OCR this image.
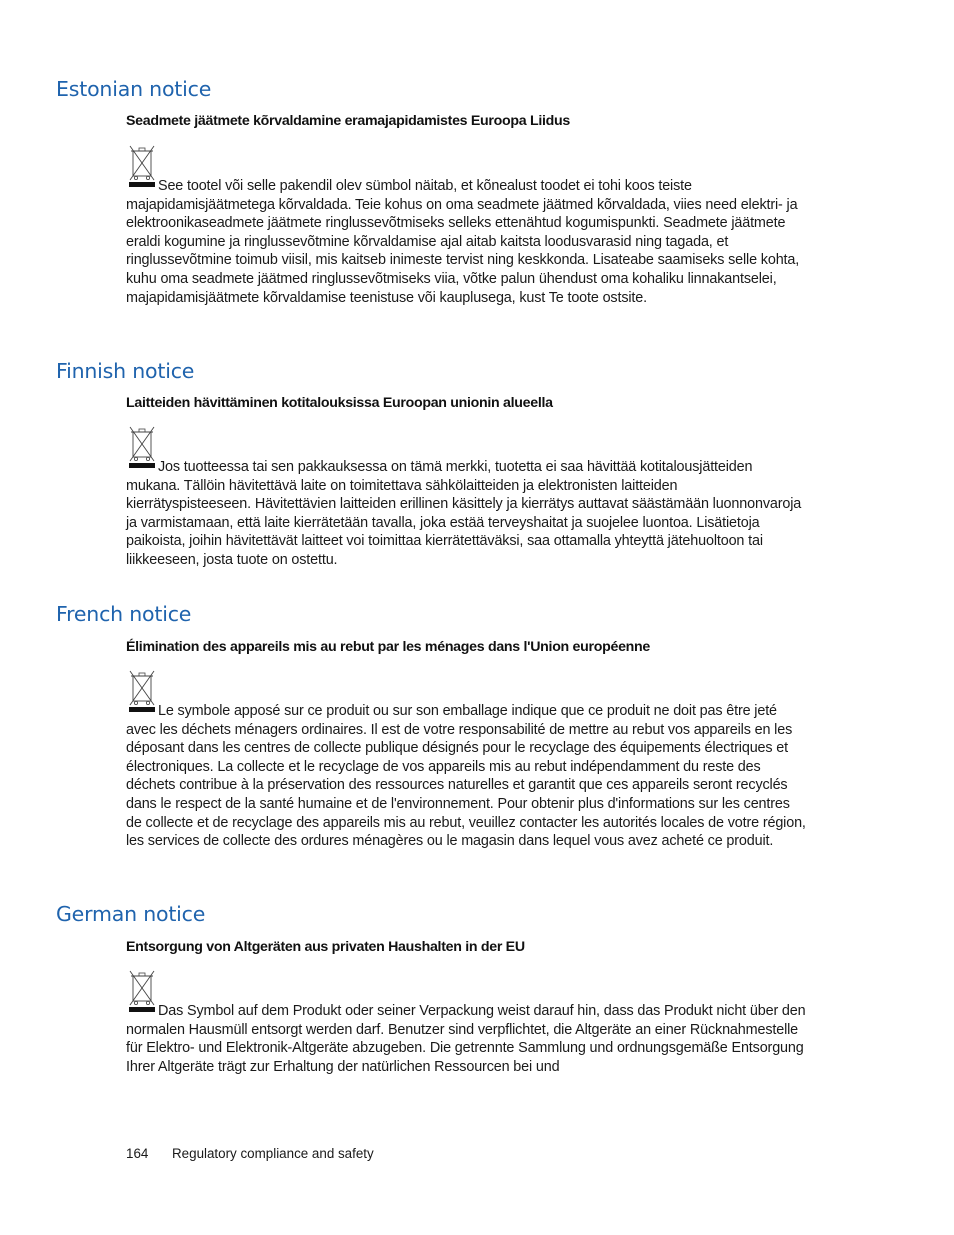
Estonian notice

Seadmete jäätmete kõrvaldamine eramajapidamistes Euroopa Liidus

See tootel või selle pakendil olev sümbol näitab, et kõnealust toodet ei tohi koos teiste majapidamisjäätmetega kõrvaldada. Teie kohus on oma seadmete jäätmed kõrvaldada, viies need elektri- ja elektroonikaseadmete jäätmete ringlussevõtmiseks selleks ettenähtud kogumispunkti. Seadmete jäätmete eraldi kogumine ja ringlussevõtmine kõrvaldamise ajal aitab kaitsta loodusvarasid ning tagada, et ringlussevõtmine toimub viisil, mis kaitseb inimeste tervist ning keskkonda. Lisateabe saamiseks selle kohta, kuhu oma seadmete jäätmed ringlussevõtmiseks viia, võtke palun ühendust oma kohaliku linnakantselei, majapidamisjäätmete kõrvaldamise teenistuse või kauplusega, kust Te toote ostsite.

Finnish notice

Laitteiden hävittäminen kotitalouksissa Euroopan unionin alueella

Jos tuotteessa tai sen pakkauksessa on tämä merkki, tuotetta ei saa hävittää kotitalousjätteiden mukana. Tällöin hävitettävä laite on toimitettava sähkölaitteiden ja elektronisten laitteiden kierrätyspisteeseen. Hävitettävien laitteiden erillinen käsittely ja kierrätys auttavat säästämään luonnonvaroja ja varmistamaan, että laite kierrätetään tavalla, joka estää terveyshaitat ja suojelee luontoa. Lisätietoja paikoista, joihin hävitettävät laitteet voi toimittaa kierrätettäväksi, saa ottamalla yhteyttä jätehuoltoon tai liikkeeseen, josta tuote on ostettu.

French notice

Élimination des appareils mis au rebut par les ménages dans l'Union européenne

Le symbole apposé sur ce produit ou sur son emballage indique que ce produit ne doit pas être jeté avec les déchets ménagers ordinaires. Il est de votre responsabilité de mettre au rebut vos appareils en les déposant dans les centres de collecte publique désignés pour le recyclage des équipements électriques et électroniques. La collecte et le recyclage de vos appareils mis au rebut indépendamment du reste des déchets contribue à la préservation des ressources naturelles et garantit que ces appareils seront recyclés dans le respect de la santé humaine et de l'environnement. Pour obtenir plus d'informations sur les centres de collecte et de recyclage des appareils mis au rebut, veuillez contacter les autorités locales de votre région, les services de collecte des ordures ménagères ou le magasin dans lequel vous avez acheté ce produit.

German notice

Entsorgung von Altgeräten aus privaten Haushalten in der EU

Das Symbol auf dem Produkt oder seiner Verpackung weist darauf hin, dass das Produkt nicht über den normalen Hausmüll entsorgt werden darf. Benutzer sind verpflichtet, die Altgeräte an einer Rücknahmestelle für Elektro- und Elektronik-Altgeräte abzugeben. Die getrennte Sammlung und ordnungsgemäße Entsorgung Ihrer Altgeräte trägt zur Erhaltung der natürlichen Ressourcen bei und

164 Regulatory compliance and safety
